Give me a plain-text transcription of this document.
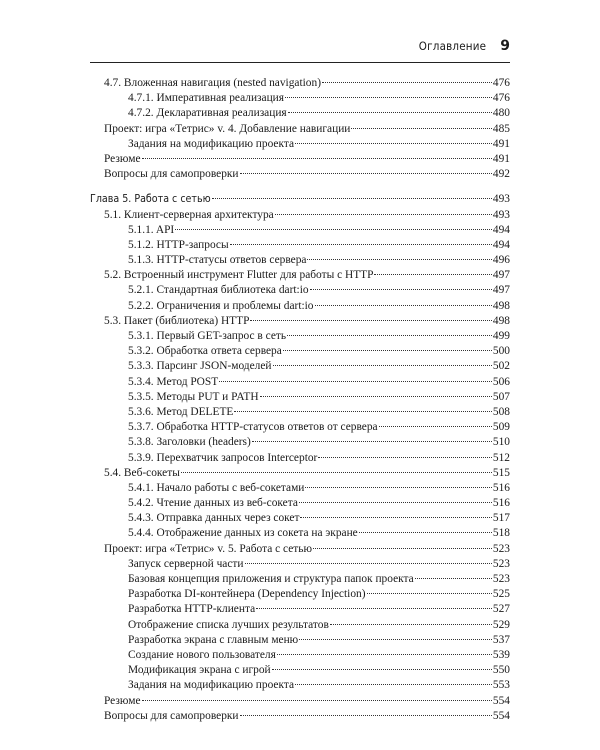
Оглавление 9
4.7. Вложенная навигация (nested navigation)	476
4.7.1. Императивная реализация	476
4.7.2. Декларативная реализация	480
Проект: игра «Тетрис» v. 4. Добавление навигации	485
Задания на модификацию проекта	491
Резюме	491
Вопросы для самопроверки	492
Глава 5. Работа с сетью	493
5.1. Клиент-серверная архитектура	493
5.1.1. API	494
5.1.2. HTTP-запросы	494
5.1.3. HTTP-статусы ответов сервера	496
5.2. Встроенный инструмент Flutter для работы с HTTP	497
5.2.1. Стандартная библиотека dart:io	497
5.2.2. Ограничения и проблемы dart:io	498
5.3. Пакет (библиотека) HTTP	498
5.3.1. Первый GET-запрос в сеть	499
5.3.2. Обработка ответа сервера	500
5.3.3. Парсинг JSON-моделей	502
5.3.4. Метод POST	506
5.3.5. Методы PUT и PATH	507
5.3.6. Метод DELETE	508
5.3.7. Обработка HTTP-статусов ответов от сервера	509
5.3.8. Заголовки (headers)	510
5.3.9. Перехватчик запросов Interceptor	512
5.4. Веб-сокеты	515
5.4.1. Начало работы с веб-сокетами	516
5.4.2. Чтение данных из веб-сокета	516
5.4.3. Отправка данных через сокет	517
5.4.4. Отображение данных из сокета на экране	518
Проект: игра «Тетрис» v. 5. Работа с сетью	523
Запуск серверной части	523
Базовая концепция приложения и структура папок проекта	523
Разработка DI-контейнера (Dependency Injection)	525
Разработка HTTP-клиента	527
Отображение списка лучших результатов	529
Разработка экрана с главным меню	537
Создание нового пользователя	539
Модификация экрана с игрой	550
Задания на модификацию проекта	553
Резюме	554
Вопросы для самопроверки	554
